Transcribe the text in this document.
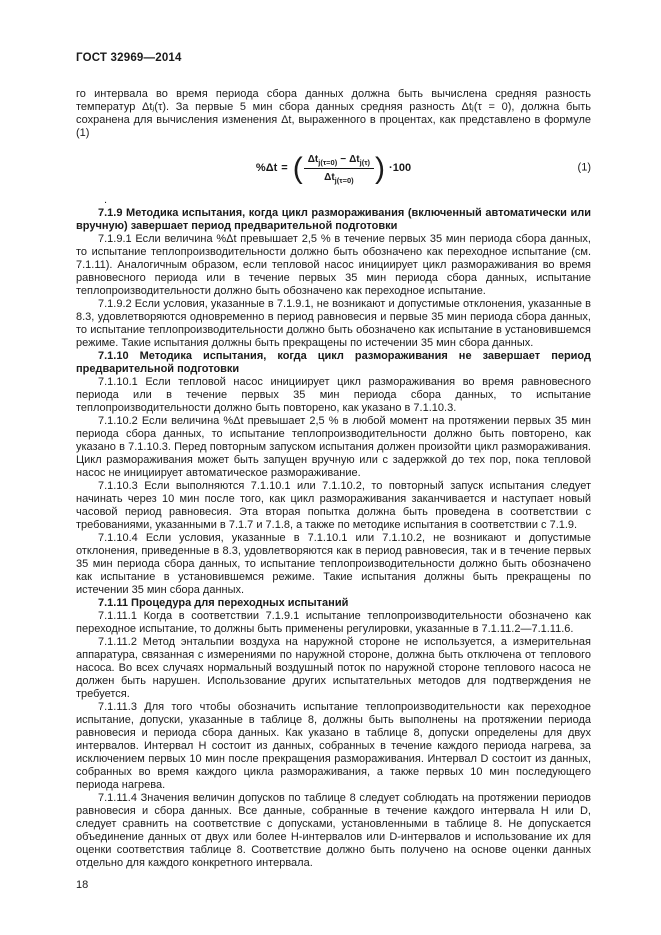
ГОСТ 32969—2014

го интервала во время периода сбора данных должна быть вычислена средняя разность температур Δtⱼ(τ). За первые 5 мин сбора данных средняя разность Δtⱼ(τ = 0), должна быть сохранена для вычисления изменения Δt, выраженного в процентах, как представлено в формуле (1)

%Δt = ( $\frac{\Delta t_{j(\tau=0)} - \Delta t_{j(\tau)}}{\Delta t_{j(\tau=0)}}$ ) ·100	(1)

.

7.1.9 Методика испытания, когда цикл размораживания (включенный автоматически или вручную) завершает период предварительной подготовки

7.1.9.1 Если величина %Δt превышает 2,5 % в течение первых 35 мин периода сбора данных, то испытание теплопроизводительности должно быть обозначено как переходное испытание (см. 7.1.11). Аналогичным образом, если тепловой насос инициирует цикл размораживания во время равновесного периода или в течение первых 35 мин периода сбора данных, испытание теплопроизводительности должно быть обозначено как переходное испытание.

7.1.9.2 Если условия, указанные в 7.1.9.1, не возникают и допустимые отклонения, указанные в 8.3, удовлетворяются одновременно в период равновесия и первые 35 мин периода сбора данных, то испытание теплопроизводительности должно быть обозначено как испытание в установившемся режиме. Такие испытания должны быть прекращены по истечении 35 мин сбора данных.

7.1.10 Методика испытания, когда цикл размораживания не завершает период предварительной подготовки

7.1.10.1 Если тепловой насос инициирует цикл размораживания во время равновесного периода или в течение первых 35 мин периода сбора данных, то испытание теплопроизводительности должно быть повторено, как указано в 7.1.10.3.

7.1.10.2 Если величина %Δt превышает 2,5 % в любой момент на протяжении первых 35 мин периода сбора данных, то испытание теплопроизводительности должно быть повторено, как указано в 7.1.10.3. Перед повторным запуском испытания должен произойти цикл размораживания. Цикл размораживания может быть запущен вручную или с задержкой до тех пор, пока тепловой насос не инициирует автоматическое размораживание.

7.1.10.3 Если выполняются 7.1.10.1 или 7.1.10.2, то повторный запуск испытания следует начинать через 10 мин после того, как цикл размораживания заканчивается и наступает новый часовой период равновесия. Эта вторая попытка должна быть проведена в соответствии с требованиями, указанными в 7.1.7 и 7.1.8, а также по методике испытания в соответствии с 7.1.9.

7.1.10.4 Если условия, указанные в 7.1.10.1 или 7.1.10.2, не возникают и допустимые отклонения, приведенные в 8.3, удовлетворяются как в период равновесия, так и в течение первых 35 мин периода сбора данных, то испытание теплопроизводительности должно быть обозначено как испытание в установившемся режиме. Такие испытания должны быть прекращены по истечении 35 мин сбора данных.

7.1.11 Процедура для переходных испытаний

7.1.11.1 Когда в соответствии 7.1.9.1 испытание теплопроизводительности обозначено как переходное испытание, то должны быть применены регулировки, указанные в 7.1.11.2—7.1.11.6.

7.1.11.2 Метод энтальпии воздуха на наружной стороне не используется, а измерительная аппаратура, связанная с измерениями по наружной стороне, должна быть отключена от теплового насоса. Во всех случаях нормальный воздушный поток по наружной стороне теплового насоса не должен быть нарушен. Использование других испытательных методов для подтверждения не требуется.

7.1.11.3 Для того чтобы обозначить испытание теплопроизводительности как переходное испытание, допуски, указанные в таблице 8, должны быть выполнены на протяжении периода равновесия и периода сбора данных. Как указано в таблице 8, допуски определены для двух интервалов. Интервал H состоит из данных, собранных в течение каждого периода нагрева, за исключением первых 10 мин после прекращения размораживания. Интервал D состоит из данных, собранных во время каждого цикла размораживания, а также первых 10 мин последующего периода нагрева.

7.1.11.4 Значения величин допусков по таблице 8 следует соблюдать на протяжении периодов равновесия и сбора данных. Все данные, собранные в течение каждого интервала H или D, следует сравнить на соответствие с допусками, установленными в таблице 8. Не допускается объединение данных от двух или более H-интервалов или D-интервалов и использование их для оценки соответствия таблице 8. Соответствие должно быть получено на основе оценки данных отдельно для каждого конкретного интервала.

18
